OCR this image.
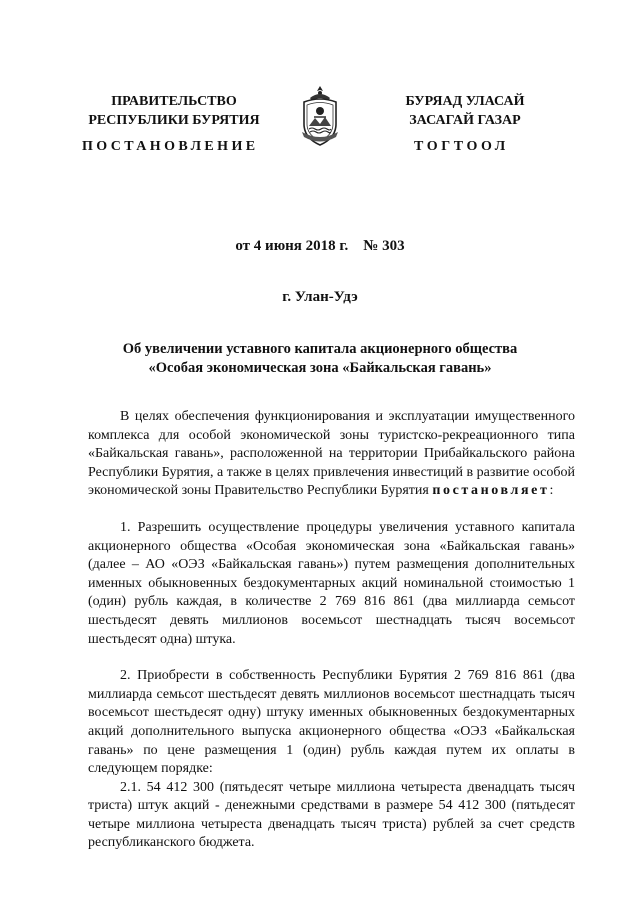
ПРАВИТЕЛЬСТВО
РЕСПУБЛИКИ БУРЯТИЯ
БУРЯАД УЛАСАЙ
ЗАСАГАЙ ГАЗАР
ПОСТАНОВЛЕНИЕ	ТОГТООЛ
от 4 июня 2018 г.    № 303
г. Улан-Удэ
Об увеличении уставного капитала акционерного общества
«Особая экономическая зона «Байкальская гавань»

В целях обеспечения функционирования и эксплуатации имущественного комплекса для особой экономической зоны туристско-рекреационного типа «Байкальская гавань», расположенной на территории Прибайкальского района Республики Бурятия, а также в целях привлечения инвестиций в развитие особой экономической зоны Правительство Республики Бурятия постановляет:

1. Разрешить осуществление процедуры увеличения уставного капитала акционерного общества «Особая экономическая зона «Байкальская гавань» (далее – АО «ОЭЗ «Байкальская гавань») путем размещения дополнительных именных обыкновенных бездокументарных акций номинальной стоимостью 1 (один) рубль каждая, в количестве 2 769 816 861 (два миллиарда семьсот шестьдесят девять миллионов восемьсот шестнадцать тысяч восемьсот шестьдесят одна) штука.

2. Приобрести в собственность Республики Бурятия 2 769 816 861 (два миллиарда семьсот шестьдесят девять миллионов восемьсот шестнадцать тысяч восемьсот шестьдесят одну) штуку именных обыкновенных бездокументарных акций дополнительного выпуска акционерного общества «ОЭЗ «Байкальская гавань» по цене размещения 1 (один) рубль каждая путем их оплаты в следующем порядке:

2.1. 54 412 300 (пятьдесят четыре миллиона четыреста двенадцать тысяч триста) штук акций - денежными средствами в размере 54 412 300 (пятьдесят четыре миллиона четыреста двенадцать тысяч триста) рублей за счет средств республиканского бюджета.
